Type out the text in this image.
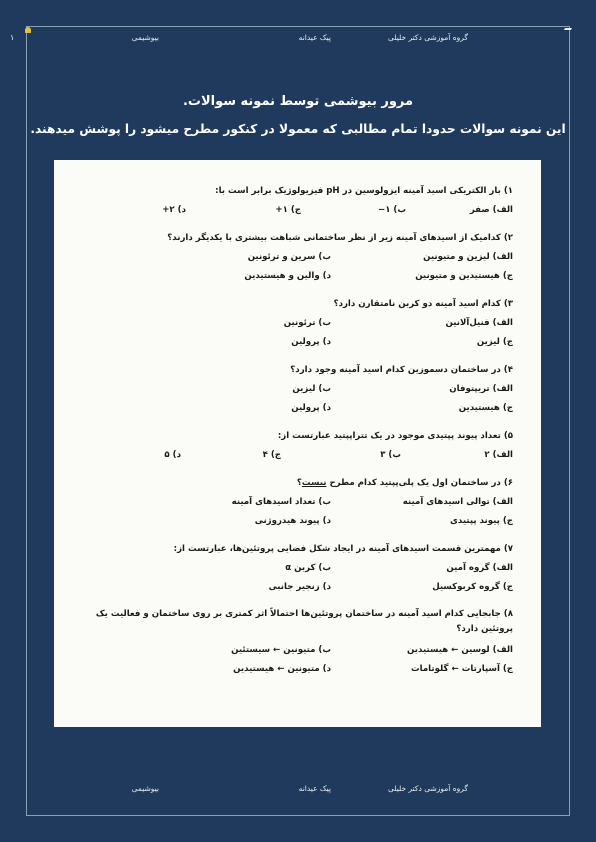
۱	گروه آموزشی دکتر خلیلی
پیک عیدانه
بیوشیمی
مرور بیوشمی توسط نمونه سوالات.
این نمونه سوالات حدودا تمام مطالبی که معمولا در کنکور مطرح میشود را پوشش میدهند.
۱) بار الکتریکی اسید آمینه ایزولوسین در pH فیزیولوژیک برابر است با:
الف) صفر
ب) ۱−
ج) ۱+
د) ۲+
۲) کدامیک از اسیدهای آمینه زیر از نظر ساختمانی شباهت بیشتری با یکدیگر دارند؟
الف) لیزین و متیونین
ب) سرین و ترئونین
ج) هیستیدین و متیونین
د) والین و هیستیدین
۳) کدام اسید آمینه دو کربن نامتقارن دارد؟
الف) فنیل‌آلانین
ب) ترئونین
ج) لیزین
د) پرولین
۴) در ساختمان دسموزین کدام اسید آمینه وجود دارد؟
الف) تریپتوفان
ب) لیزین
ج) هیستیدین
د) پرولین
۵) تعداد پیوند پپتیدی موجود در یک تتراپپتید عبارتست از:
الف) ۲
ب) ۳
ج) ۴
د) ۵
۶) در ساختمان اول یک پلی‌پپتید کدام مطرح نیست؟
الف) توالی اسیدهای آمینه
ب) تعداد اسیدهای آمینه
ج) پیوند پپتیدی
د) پیوند هیدروژنی
۷) مهمترین قسمت اسیدهای آمینه در ایجاد شکل فضایی پروتئین‌ها، عبارتست از:
الف) گروه آمین
ب) کربن α
ج) گروه کربوکسیل
د) زنجیر جانبی
۸) جابجایی کدام اسید آمینه در ساختمان پروتئین‌ها احتمالاً اثر کمتری بر روی ساختمان و فعالیت یک پروتئین دارد؟
الف) لوسین ← هیستیدین
ب) متیونین ← سیستئین
ج) آسپارتات ← گلوتامات
د) متیونین ← هیستیدین
گروه آموزشی دکتر خلیلی
پیک عیدانه
بیوشیمی
